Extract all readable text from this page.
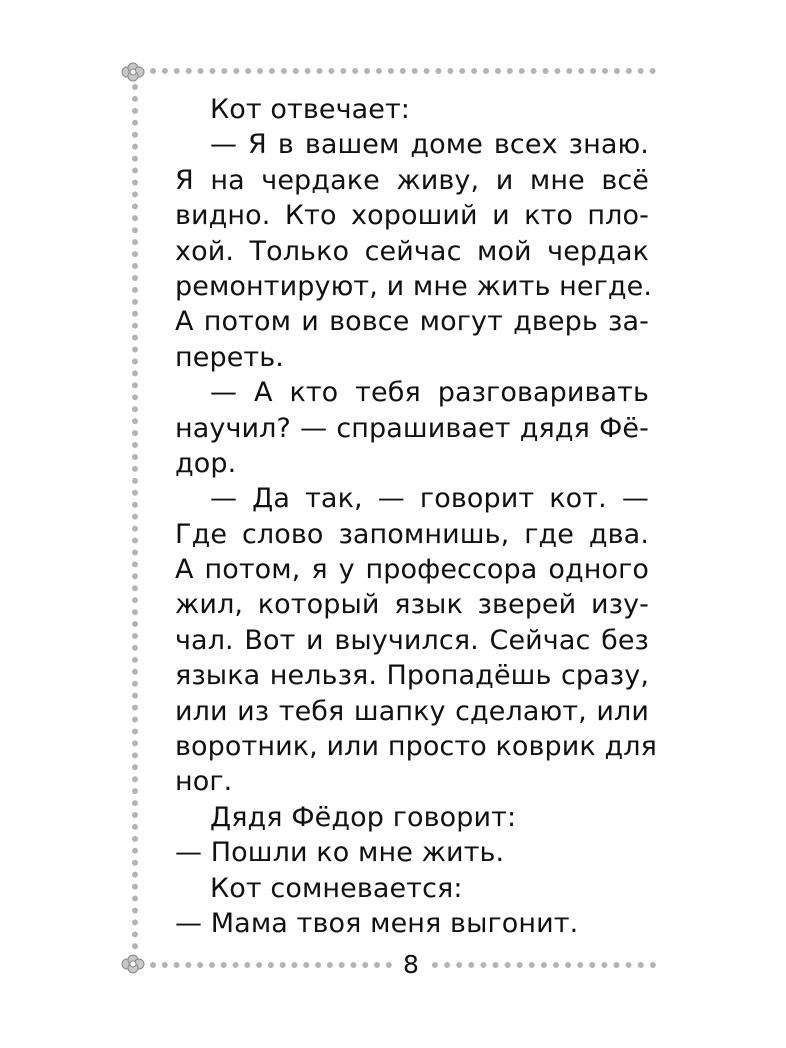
Кот отвечает:
— Я в вашем доме всех знаю.
Я на чердаке живу, и мне всё
видно. Кто хороший и кто пло-
хой. Только сейчас мой чердак
ремонтируют, и мне жить негде.
А потом и вовсе могут дверь за-
переть.
— А кто тебя разговаривать
научил? — спрашивает дядя Фё-
дор.
— Да так, — говорит кот. —
Где слово запомнишь, где два.
А потом, я у профессора одного
жил, который язык зверей изу-
чал. Вот и выучился. Сейчас без
языка нельзя. Пропадёшь сразу,
или из тебя шапку сделают, или
воротник, или просто коврик для
ног.
Дядя Фёдор говорит:
— Пошли ко мне жить.
Кот сомневается:
— Мама твоя меня выгонит.
8
